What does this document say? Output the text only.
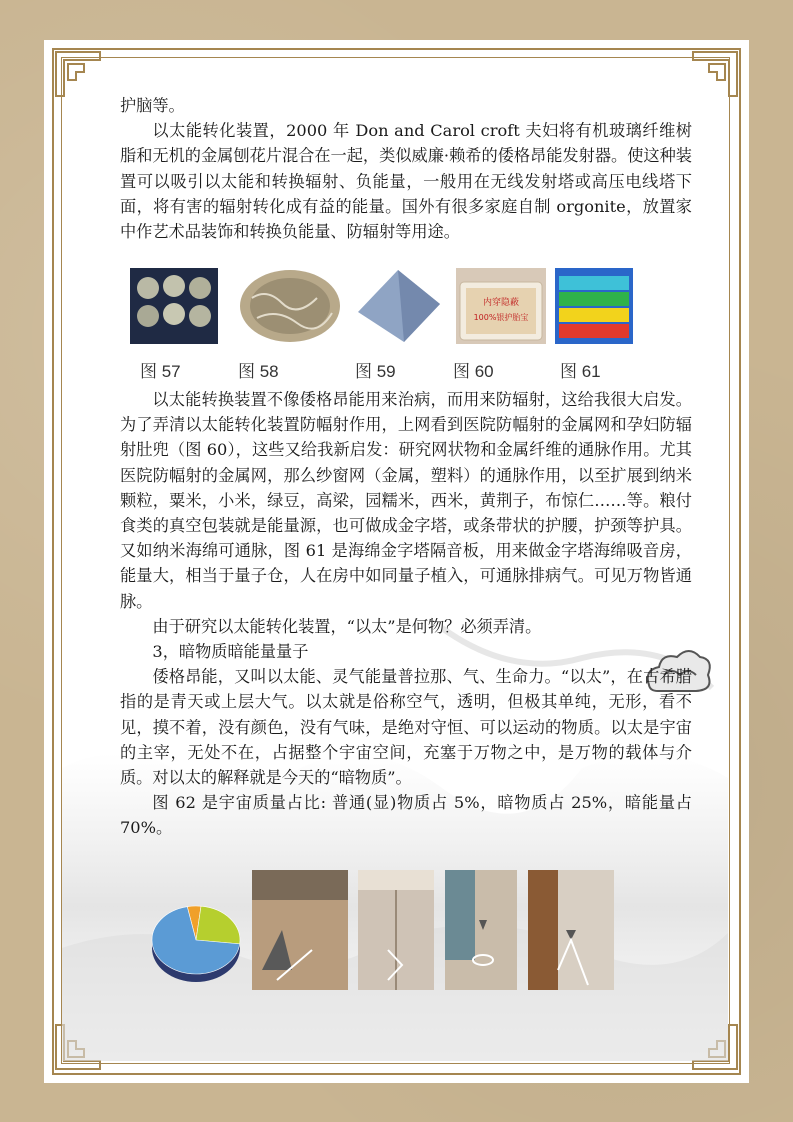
护脑等。

以太能转化装置，2000 年 Don and Carol croft 夫妇将有机玻璃纤维树脂和无机的金属刨花片混合在一起，类似威廉·赖希的倭格昂能发射器。使这种装置可以吸引以太能和转换辐射、负能量，一般用在无线发射塔或高压电线塔下面，将有害的辐射转化成有益的能量。国外有很多家庭自制 orgonite，放置家中作艺术品装饰和转换负能量、防辐射等用途。

内穿隐蔽
100%银护胎宝
图 57	图 58	图 59	图 60	图 61

以太能转换装置不像倭格昂能用来治病，而用来防辐射，这给我很大启发。为了弄清以太能转化装置防幅射作用，上网看到医院防幅射的金属网和孕妇防辐射肚兜（图 60），这些又给我新启发：研究网状物和金属纤维的通脉作用。尤其医院防幅射的金属网，那么纱窗网（金属，塑料）的通脉作用，以至扩展到纳米颗粒，粟米，小米，绿豆，高梁，园糯米，西米，黄荆子，布惊仁……等。粮付食类的真空包装就是能量源，也可做成金字塔，或条带状的护腰，护颈等护具。又如纳米海绵可通脉，图 61 是海绵金字塔隔音板，用来做金字塔海绵吸音房，能量大，相当于量子仓，人在房中如同量子植入，可通脉排病气。可见万物皆通脉。

由于研究以太能转化装置，“以太”是何物？必须弄清。

3，暗物质暗能量量子

倭格昂能，又叫以太能、灵气能量普拉那、气、生命力。“以太”，在古希腊指的是青天或上层大气。以太就是俗称空气，透明，但极其单纯，无形，看不见，摸不着，没有颜色，没有气味，是绝对守恒、可以运动的物质。以太是宇宙的主宰，无处不在，占据整个宇宙空间，充塞于万物之中，是万物的载体与介质。对以太的解释就是今天的“暗物质”。

图 62 是宇宙质量占比: 普通(显)物质占 5%，暗物质占 25%，暗能量占 70%。
